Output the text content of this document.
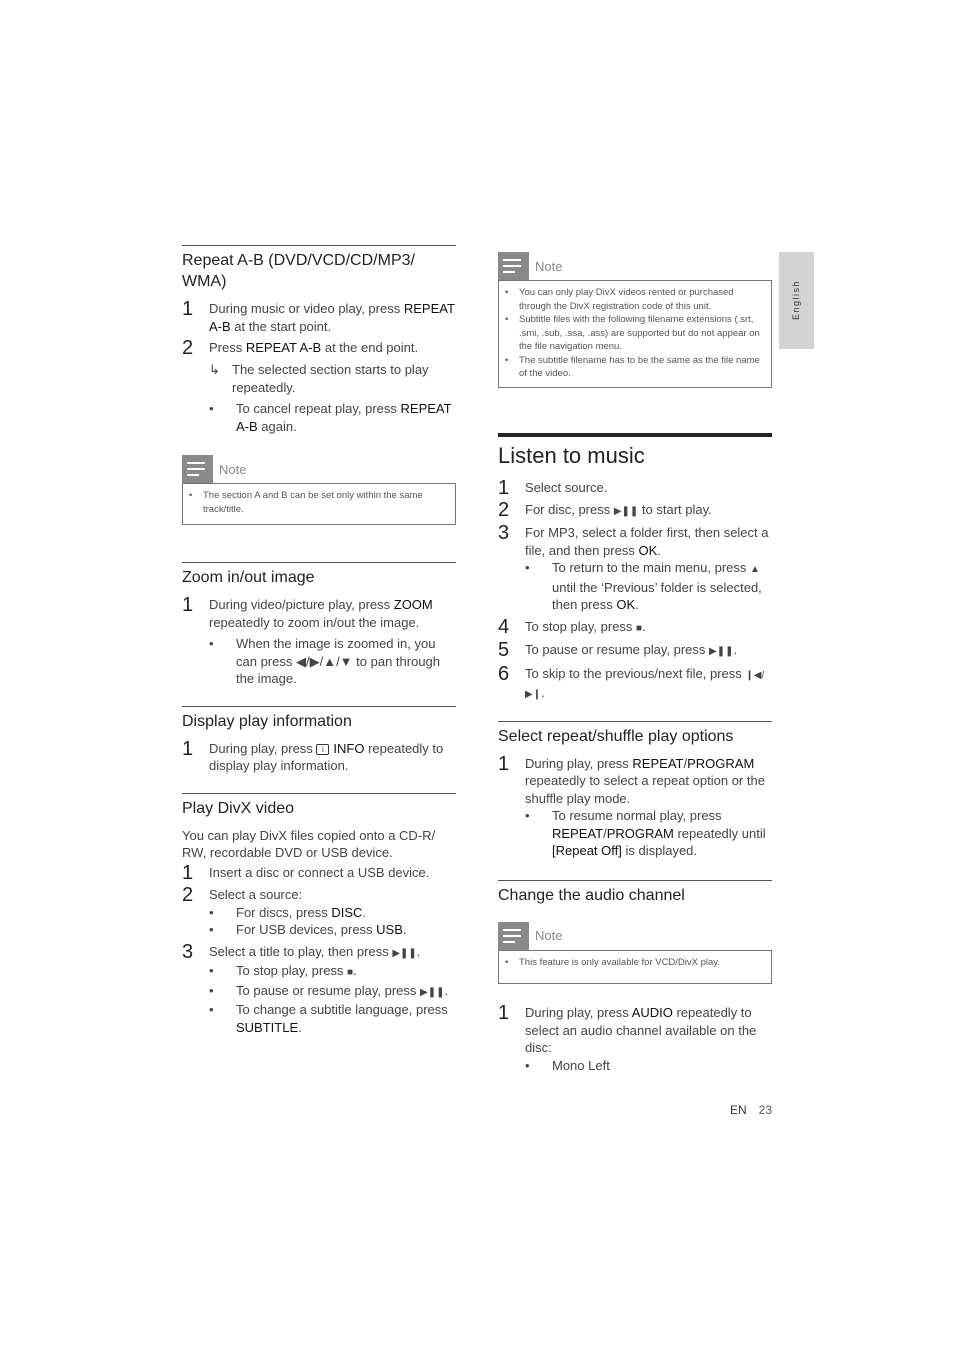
English
Repeat A-B (DVD/VCD/CD/MP3/ WMA)
1	During music or video play, press REPEAT A-B at the start point.
2	Press REPEAT A-B at the end point.
↳ The selected section starts to play repeatedly.
•	To cancel repeat play, press REPEAT A-B again.
Note
•	The section A and B can be set only within the same track/title.
Zoom in/out image
1	During video/picture play, press ZOOM repeatedly to zoom in/out the image.
•	When the image is zoomed in, you can press ◀/▶/▲/▼ to pan through the image.
Display play information
1	During play, press i INFO repeatedly to display play information.
Play DivX video
You can play DivX files copied onto a CD-R/ RW, recordable DVD or USB device.
1	Insert a disc or connect a USB device.
2	Select a source:
•	For discs, press DISC.
•	For USB devices, press USB.
3	Select a title to play, then press ▶❚❚.
•	To stop play, press ■.
•	To pause or resume play, press ▶❚❚.
•	To change a subtitle language, press SUBTITLE.
Note
•	You can only play DivX videos rented or purchased through the DivX registration code of this unit.
•	Subtitle files with the following filename extensions (.srt, .smi, .sub, .ssa, .ass) are supported but do not appear on the file navigation menu.
•	The subtitle filename has to be the same as the file name of the video.
Listen to music
1	Select source.
2	For disc, press ▶❚❚ to start play.
3	For MP3, select a folder first, then select a file, and then press OK.
•	To return to the main menu, press ▲ until the ‘Previous’ folder is selected, then press OK.
4	To stop play, press ■.
5	To pause or resume play, press ▶❚❚.
6	To skip to the previous/next file, press ❙◀/▶❙.
Select repeat/shuffle play options
1	During play, press REPEAT/PROGRAM repeatedly to select a repeat option or the shuffle play mode.
•	To resume normal play, press REPEAT/PROGRAM repeatedly until [Repeat Off] is displayed.
Change the audio channel
Note
•	This feature is only available for VCD/DivX play.
1	During play, press AUDIO repeatedly to select an audio channel available on the disc:
•	Mono Left
EN 23
